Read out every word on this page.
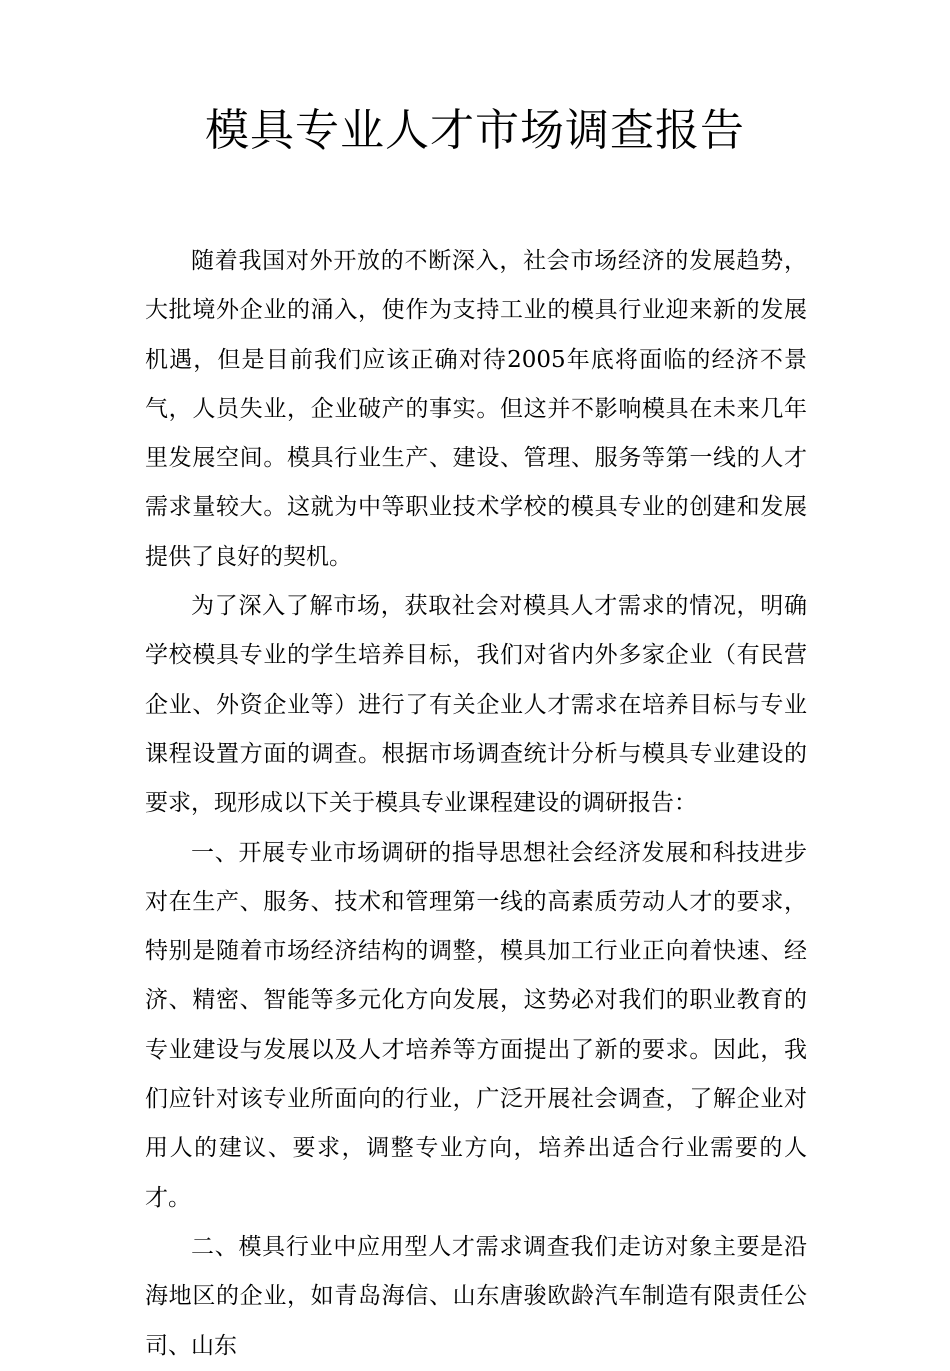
模具专业人才市场调查报告

随着我国对外开放的不断深入，社会市场经济的发展趋势，大批境外企业的涌入，使作为支持工业的模具行业迎来新的发展机遇，但是目前我们应该正确对待2005年底将面临的经济不景气，人员失业，企业破产的事实。但这并不影响模具在未来几年里发展空间。模具行业生产、建设、管理、服务等第一线的人才需求量较大。这就为中等职业技术学校的模具专业的创建和发展提供了良好的契机。

为了深入了解市场，获取社会对模具人才需求的情况，明确学校模具专业的学生培养目标，我们对省内外多家企业（有民营企业、外资企业等）进行了有关企业人才需求在培养目标与专业课程设置方面的调查。根据市场调查统计分析与模具专业建设的要求，现形成以下关于模具专业课程建设的调研报告：

一、开展专业市场调研的指导思想社会经济发展和科技进步对在生产、服务、技术和管理第一线的高素质劳动人才的要求，特别是随着市场经济结构的调整，模具加工行业正向着快速、经济、精密、智能等多元化方向发展，这势必对我们的职业教育的专业建设与发展以及人才培养等方面提出了新的要求。因此，我们应针对该专业所面向的行业，广泛开展社会调查，了解企业对用人的建议、要求，调整专业方向，培养出适合行业需要的人才。

二、模具行业中应用型人才需求调查我们走访对象主要是沿海地区的企业，如青岛海信、山东唐骏欧龄汽车制造有限责任公司、山东
